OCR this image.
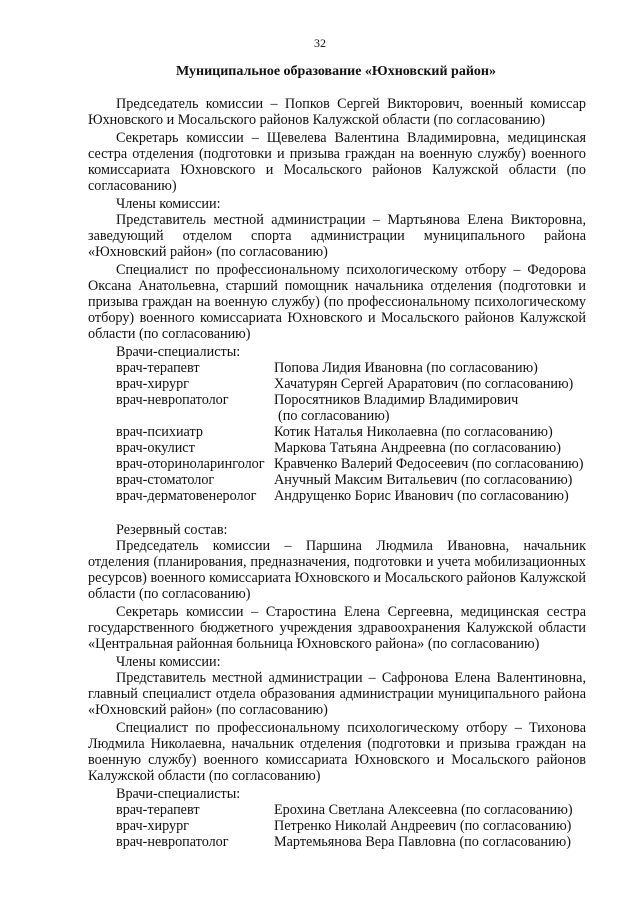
32
Муниципальное образование «Юхновский район»

Председатель комиссии – Попков Сергей Викторович, военный комиссар Юхновского и Мосальского районов Калужской области (по согласованию)

Секретарь комиссии – Щевелева Валентина Владимировна, медицинская сестра отделения (подготовки и призыва граждан на военную службу) военного комиссариата Юхновского и Мосальского районов Калужской области (по согласованию)

Члены комиссии:

Представитель местной администрации – Мартьянова Елена Викторовна, заведующий отделом спорта администрации муниципального района «Юхновский район» (по согласованию)

Специалист по профессиональному психологическому отбору – Федорова Оксана Анатольевна, старший помощник начальника отделения (подготовки и призыва граждан на военную службу) (по профессиональному психологическому отбору) военного комиссариата Юхновского и Мосальского районов Калужской области (по согласованию)

Врачи-специалисты:

врач-терапевт	Попова Лидия Ивановна (по согласованию)
врач-хирург	Хачатурян Сергей Араратович (по согласованию)
врач-невропатолог	Поросятников Владимир Владимирович
(по согласованию)
врач-психиатр	Котик Наталья Николаевна (по согласованию)
врач-окулист	Маркова Татьяна Андреевна (по согласованию)
врач-оториноларинголог Кравченко Валерий Федосеевич (по согласованию)
врач-стоматолог	Анучный Максим Витальевич (по согласованию)
врач-дерматовенеролог	Андрущенко Борис Иванович (по согласованию)

Резервный состав:

Председатель комиссии – Паршина Людмила Ивановна, начальник отделения (планирования, предназначения, подготовки и учета мобилизационных ресурсов) военного комиссариата Юхновского и Мосальского районов Калужской области (по согласованию)

Секретарь комиссии – Старостина Елена Сергеевна, медицинская сестра государственного бюджетного учреждения здравоохранения Калужской области «Центральная районная больница Юхновского района» (по согласованию)

Члены комиссии:

Представитель местной администрации – Сафронова Елена Валентиновна, главный специалист отдела образования администрации муниципального района «Юхновский район» (по согласованию)

Специалист по профессиональному психологическому отбору – Тихонова Людмила Николаевна, начальник отделения (подготовки и призыва граждан на военную службу) военного комиссариата Юхновского и Мосальского районов Калужской области (по согласованию)

Врачи-специалисты:

врач-терапевт	Ерохина Светлана Алексеевна (по согласованию)
врач-хирург	Петренко Николай Андреевич (по согласованию)
врач-невропатолог	Мартемьянова Вера Павловна (по согласованию)
